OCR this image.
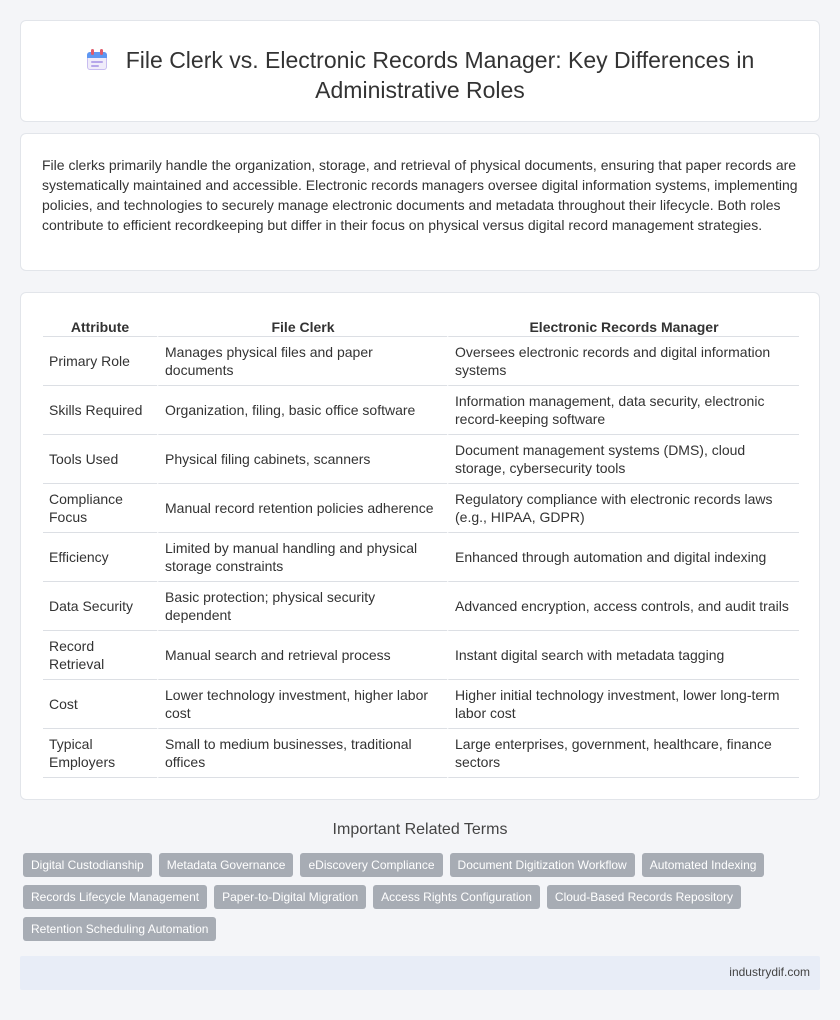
File Clerk vs. Electronic Records Manager: Key Differences in
Administrative Roles

File clerks primarily handle the organization, storage, and retrieval of physical documents, ensuring that paper records are systematically maintained and accessible. Electronic records managers oversee digital information systems, implementing policies, and technologies to securely manage electronic documents and metadata throughout their lifecycle. Both roles contribute to efficient recordkeeping but differ in their focus on physical versus digital record management strategies.

Attribute	File Clerk	Electronic Records Manager
Primary Role	Manages physical files and paper documents	Oversees electronic records and digital information systems
Skills Required	Organization, filing, basic office software	Information management, data security, electronic record-keeping software
Tools Used	Physical filing cabinets, scanners	Document management systems (DMS), cloud storage, cybersecurity tools
Compliance Focus	Manual record retention policies adherence	Regulatory compliance with electronic records laws (e.g., HIPAA, GDPR)
Efficiency	Limited by manual handling and physical storage constraints	Enhanced through automation and digital indexing
Data Security	Basic protection; physical security dependent	Advanced encryption, access controls, and audit trails
Record Retrieval	Manual search and retrieval process	Instant digital search with metadata tagging
Cost	Lower technology investment, higher labor cost	Higher initial technology investment, lower long-term labor cost
Typical Employers	Small to medium businesses, traditional offices	Large enterprises, government, healthcare, finance sectors
Important Related Terms
Digital Custodianship	Metadata Governance	eDiscovery Compliance	Document Digitization Workflow	Automated Indexing
Records Lifecycle Management	Paper-to-Digital Migration	Access Rights Configuration	Cloud-Based Records Repository
Retention Scheduling Automation
industrydif.com
